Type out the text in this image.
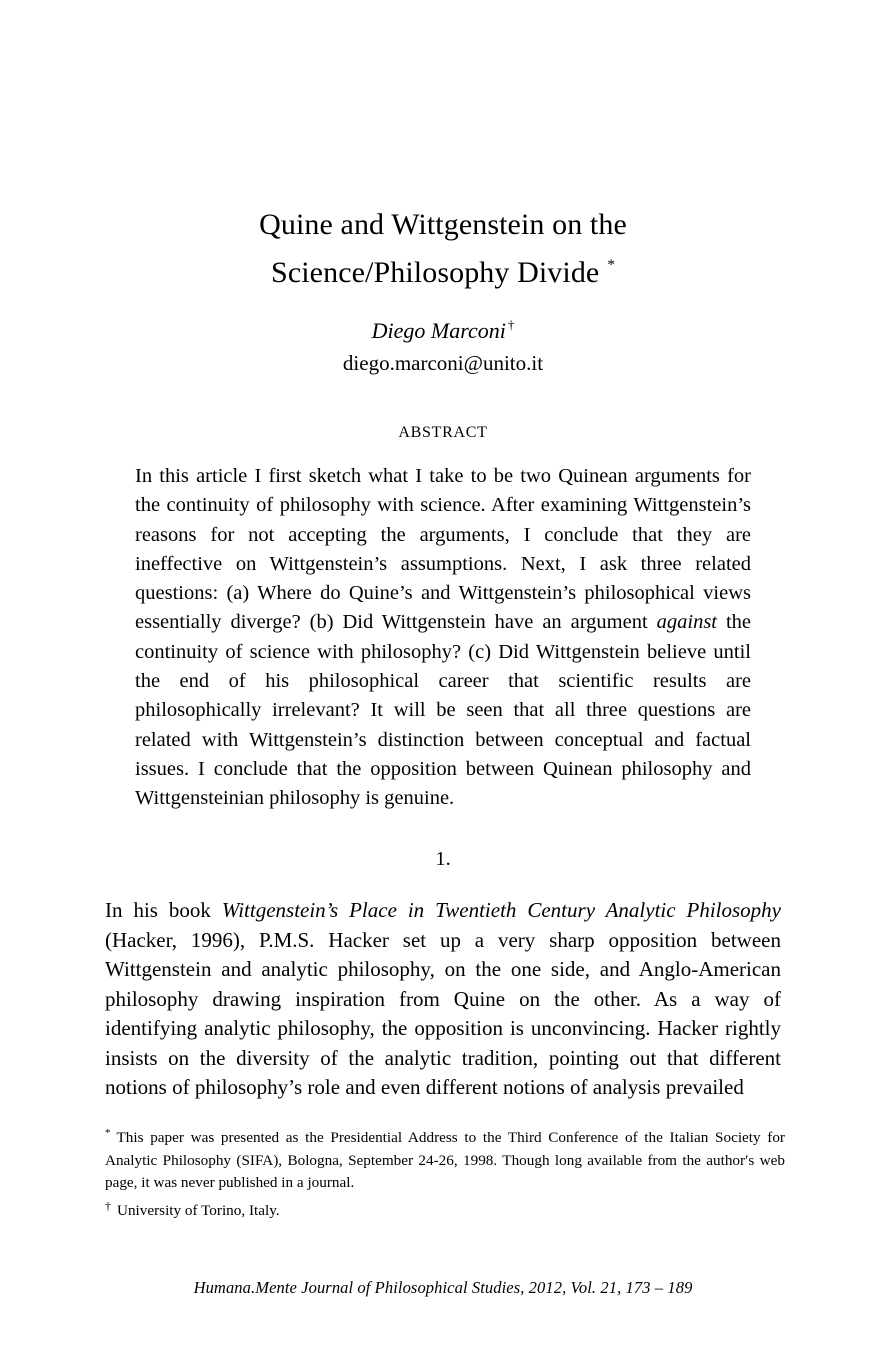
Quine and Wittgenstein on the
Science/Philosophy Divide *
Diego Marconi †
diego.marconi@unito.it
ABSTRACT
In this article I first sketch what I take to be two Quinean arguments for the continuity of philosophy with science. After examining Wittgenstein’s reasons for not accepting the arguments, I conclude that they are ineffective on Wittgenstein’s assumptions. Next, I ask three related questions: (a) Where do Quine’s and Wittgenstein’s philosophical views essentially diverge? (b) Did Wittgenstein have an argument against the continuity of science with philosophy? (c) Did Wittgenstein believe until the end of his philosophical career that scientific results are philosophically irrelevant? It will be seen that all three questions are related with Wittgenstein’s distinction between conceptual and factual issues. I conclude that the opposition between Quinean philosophy and Wittgensteinian philosophy is genuine.
1.
In his book Wittgenstein’s Place in Twentieth Century Analytic Philosophy (Hacker, 1996), P.M.S. Hacker set up a very sharp opposition between Wittgenstein and analytic philosophy, on the one side, and Anglo-American philosophy drawing inspiration from Quine on the other. As a way of identifying analytic philosophy, the opposition is unconvincing. Hacker rightly insists on the diversity of the analytic tradition, pointing out that different notions of philosophy’s role and even different notions of analysis prevailed

* This paper was presented as the Presidential Address to the Third Conference of the Italian Society for Analytic Philosophy (SIFA), Bologna, September 24-26, 1998. Though long available from the author′s web page, it was never published in a journal.

† University of Torino, Italy.

Humana.Mente Journal of Philosophical Studies, 2012, Vol. 21, 173 – 189
